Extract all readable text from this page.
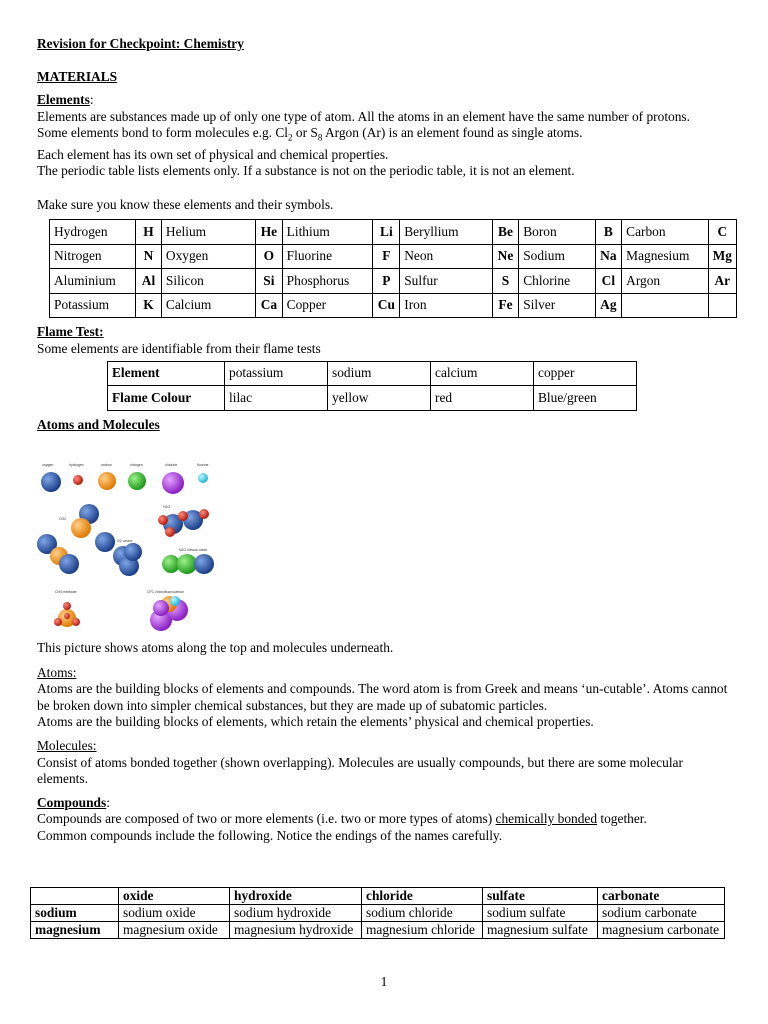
Revision for Checkpoint: Chemistry

MATERIALS

Elements:

Elements are substances made up of only one type of atom. All the atoms in an element have the same number of protons.

Some elements bond to form molecules e.g. $Cl_2$ or $S_8$ Argon (Ar) is an element found as single atoms.

Each element has its own set of physical and chemical properties.

The periodic table lists elements only. If a substance is not on the periodic table, it is not an element.

Make sure you know these elements and their symbols.

Hydrogen	H	Helium	He	Lithium	Li	Beryllium	Be	Boron	B	Carbon	C
Nitrogen	N	Oxygen	O	Fluorine	F	Neon	Ne	Sodium	Na	Magnesium	Mg
Aluminium	Al	Silicon	Si	Phosphorus	P	Sulfur	S	Chlorine	Cl	Argon	Ar
Potassium	K	Calcium	Ca	Copper	Cu	Iron	Fe	Silver	Ag		

Flame Test:

Some elements are identifiable from their flame tests

Element	potassium	sodium	calcium	copper
Flame Colour	lilac	yellow	red	Blue/green

Atoms and Molecules

oxygen	hydrogen	carbon	nitrogen	chlorine	fluorine
CO2
H2O
O2 ozone
N2O nitrous oxide
CH4 methane	CFC chlorofluorocarbon

This picture shows atoms along the top and molecules underneath.

Atoms:

Atoms are the building blocks of elements and compounds. The word atom is from Greek and means ‘un-cutable’. Atoms cannot be broken down into simpler chemical substances, but they are made up of subatomic particles.

Atoms are the building blocks of elements, which retain the elements’ physical and chemical properties.

Molecules:

Consist of atoms bonded together (shown overlapping). Molecules are usually compounds, but there are some molecular elements.

Compounds:

Compounds are composed of two or more elements (i.e. two or more types of atoms) chemically bonded together.

Common compounds include the following. Notice the endings of the names carefully.

	oxide	hydroxide	chloride	sulfate	carbonate
sodium	sodium oxide	sodium hydroxide	sodium chloride	sodium sulfate	sodium carbonate
magnesium	magnesium oxide	magnesium hydroxide	magnesium chloride	magnesium sulfate	magnesium carbonate
1
